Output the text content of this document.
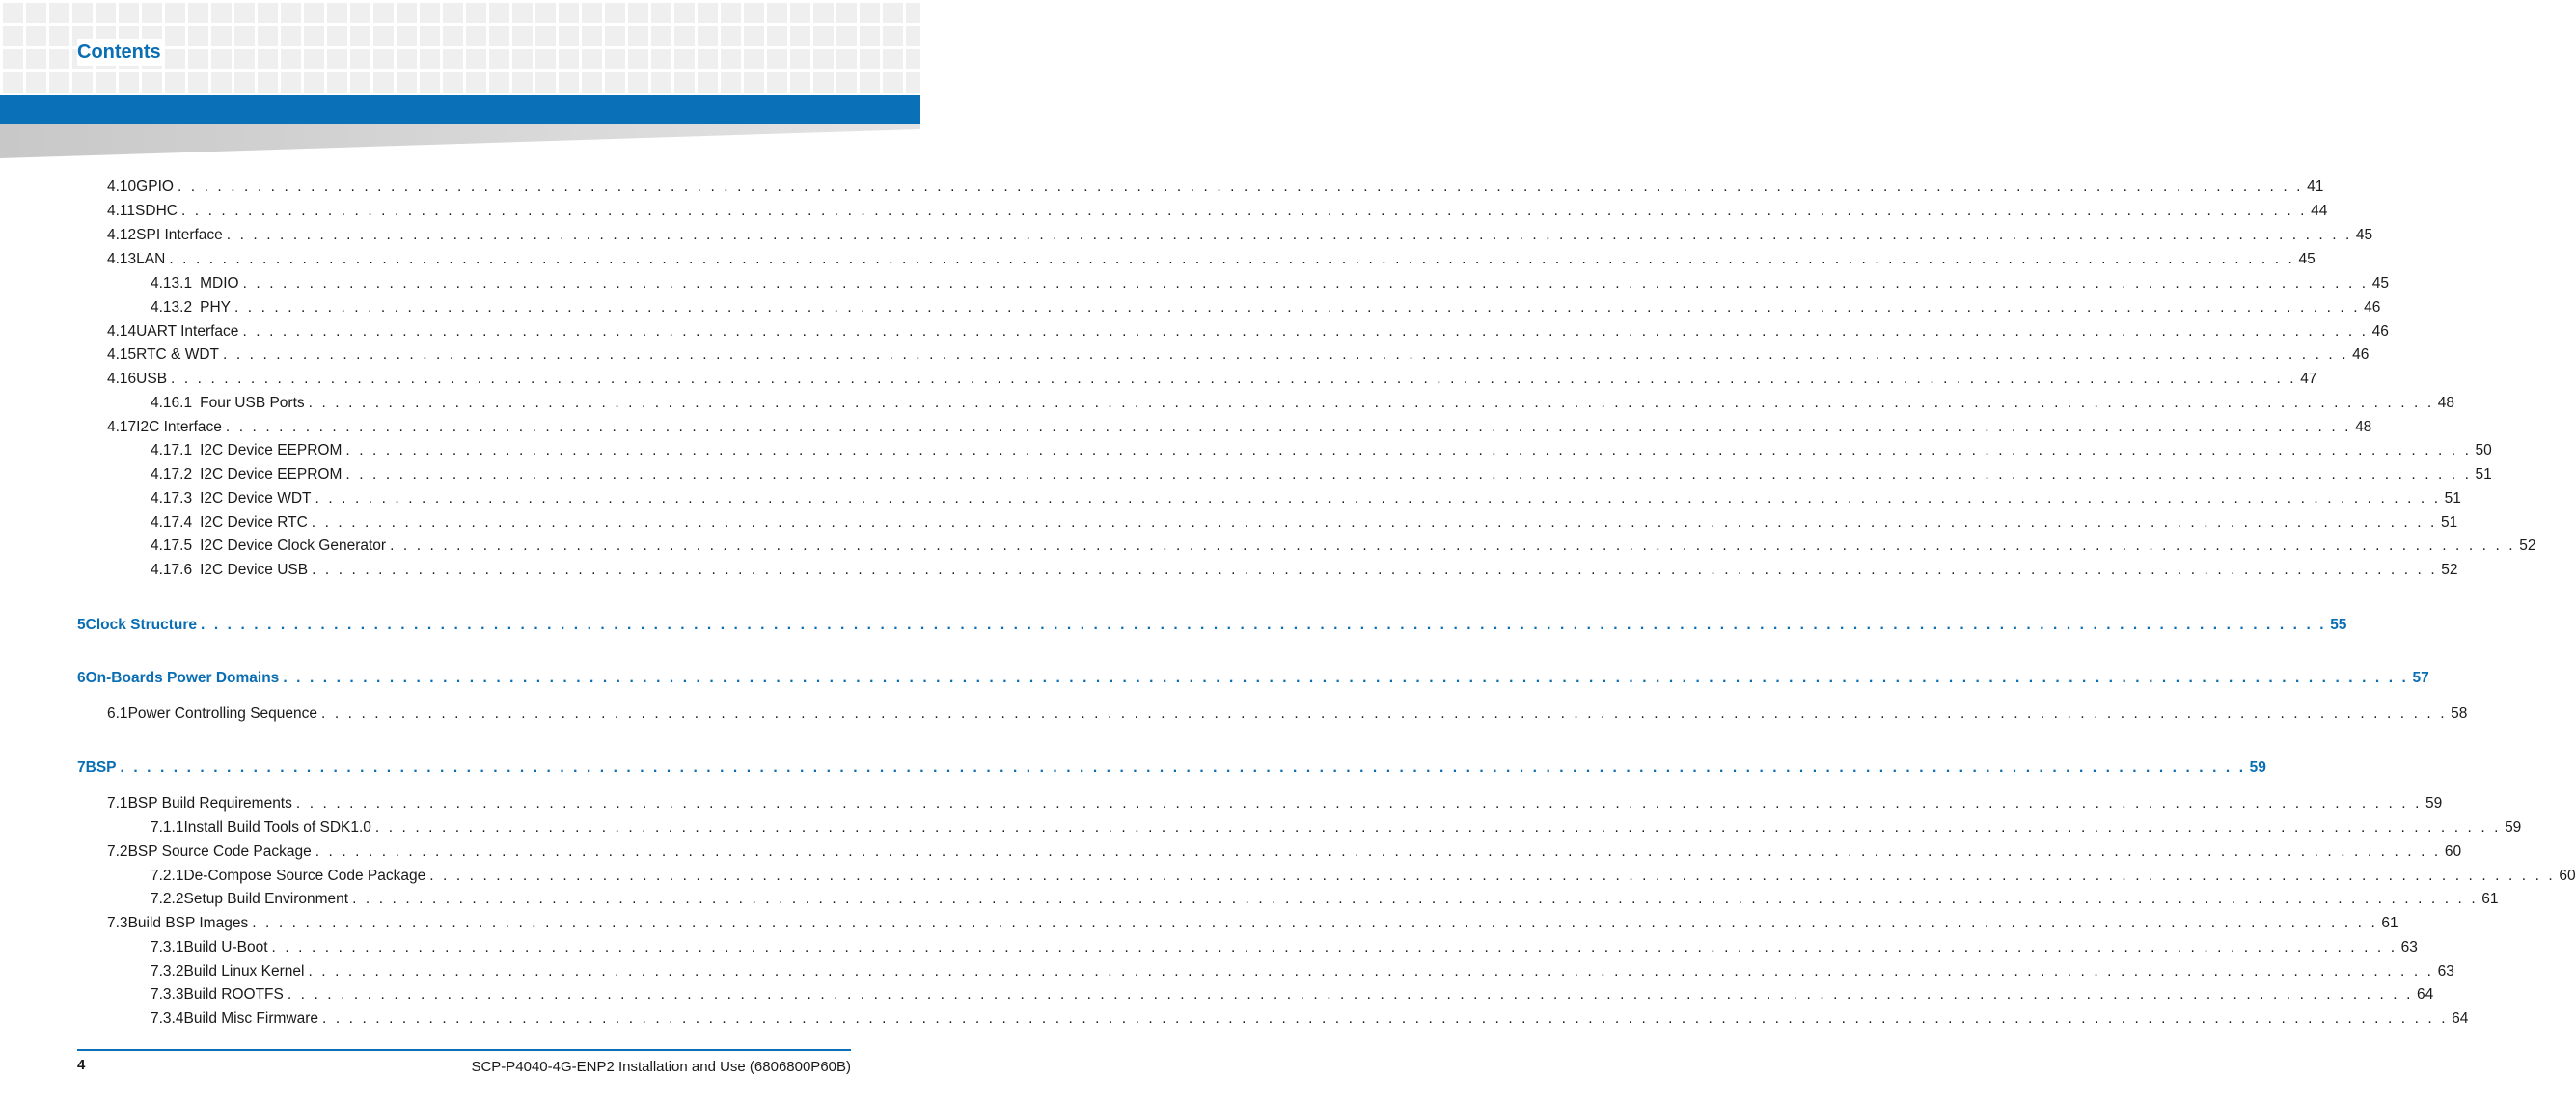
Contents
4.10 GPIO . . . . . . . . . . . . . . . . . . . . . . . . . . . . . . . . . . . . . . . . . . . . . . . . . . . . . . . . . . . . . . . . . . . . . . . . . . . . . . . . . . . . . . . . . . . . . . . . . . . . . . . . . . . . . . . . . . . . . . . . . . . . . . . . . . . . . . . . . . . . . . . . . . . . . . . . . . . . . . . . 41
4.11 SDHC . . . . . . . . . . . . . . . . . . . . . . . . . . . . . . . . . . . . . . . . . . . . . . . . . . . . . . . . . . . . . . . . . . . . . . . . . . . . . . . . . . . . . . . . . . . . . . . . . . . . . . . . . . . . . . . . . . . . . . . . . . . . . . . . . . . . . . . . . . . . . . . . . . . . . . . . . . . . . . . . 44
4.12 SPI Interface . . . . . . . . . . . . . . . . . . . . . . . . . . . . . . . . . . . . . . . . . . . . . . . . . . . . . . . . . . . . . . . . . . . . . . . . . . . . . . . . . . . . . . . . . . . . . . . . . . . . . . . . . . . . . . . . . . . . . . . . . . . . . . . . . . . . . . . . . . . . . . . . . . . . . . . . . . . . . . . . 45
4.13 LAN . . . . . . . . . . . . . . . . . . . . . . . . . . . . . . . . . . . . . . . . . . . . . . . . . . . . . . . . . . . . . . . . . . . . . . . . . . . . . . . . . . . . . . . . . . . . . . . . . . . . . . . . . . . . . . . . . . . . . . . . . . . . . . . . . . . . . . . . . . . . . . . . . . . . . . . . . . . . . . . . 45
4.13.1 MDIO . . . . . . . . . . . . . . . . . . . . . . . . . . . . . . . . . . . . . . . . . . . . . . . . . . . . . . . . . . . . . . . . . . . . . . . . . . . . . . . . . . . . . . . . . . . . . . . . . . . . . . . . . . . . . . . . . . . . . . . . . . . . . . . . . . . . . . . . . . . . . . . . . . . . . . . . . . . . . . . . 45
4.13.2 PHY . . . . . . . . . . . . . . . . . . . . . . . . . . . . . . . . . . . . . . . . . . . . . . . . . . . . . . . . . . . . . . . . . . . . . . . . . . . . . . . . . . . . . . . . . . . . . . . . . . . . . . . . . . . . . . . . . . . . . . . . . . . . . . . . . . . . . . . . . . . . . . . . . . . . . . . . . . . . . . . . 46
4.14 UART Interface . . . . . . . . . . . . . . . . . . . . . . . . . . . . . . . . . . . . . . . . . . . . . . . . . . . . . . . . . . . . . . . . . . . . . . . . . . . . . . . . . . . . . . . . . . . . . . . . . . . . . . . . . . . . . . . . . . . . . . . . . . . . . . . . . . . . . . . . . . . . . . . . . . . . . . . . . . . . . . . . 46
4.15 RTC & WDT . . . . . . . . . . . . . . . . . . . . . . . . . . . . . . . . . . . . . . . . . . . . . . . . . . . . . . . . . . . . . . . . . . . . . . . . . . . . . . . . . . . . . . . . . . . . . . . . . . . . . . . . . . . . . . . . . . . . . . . . . . . . . . . . . . . . . . . . . . . . . . . . . . . . . . . . . . . . . . . . 46
4.16 USB . . . . . . . . . . . . . . . . . . . . . . . . . . . . . . . . . . . . . . . . . . . . . . . . . . . . . . . . . . . . . . . . . . . . . . . . . . . . . . . . . . . . . . . . . . . . . . . . . . . . . . . . . . . . . . . . . . . . . . . . . . . . . . . . . . . . . . . . . . . . . . . . . . . . . . . . . . . . . . . . 47
4.16.1 Four USB Ports . . . . . . . . . . . . . . . . . . . . . . . . . . . . . . . . . . . . . . . . . . . . . . . . . . . . . . . . . . . . . . . . . . . . . . . . . . . . . . . . . . . . . . . . . . . . . . . . . . . . . . . . . . . . . . . . . . . . . . . . . . . . . . . . . . . . . . . . . . . . . . . . . . . . . . . . . . . . . . . . 48
4.17 I2C Interface . . . . . . . . . . . . . . . . . . . . . . . . . . . . . . . . . . . . . . . . . . . . . . . . . . . . . . . . . . . . . . . . . . . . . . . . . . . . . . . . . . . . . . . . . . . . . . . . . . . . . . . . . . . . . . . . . . . . . . . . . . . . . . . . . . . . . . . . . . . . . . . . . . . . . . . . . . . . . . . . 48
4.17.1 I2C Device EEPROM . . . . . . . . . . . . . . . . . . . . . . . . . . . . . . . . . . . . . . . . . . . . . . . . . . . . . . . . . . . . . . . . . . . . . . . . . . . . . . . . . . . . . . . . . . . . . . . . . . . . . . . . . . . . . . . . . . . . . . . . . . . . . . . . . . . . . . . . . . . . . . . . . . . . . . . . . . . . . . . . 50
4.17.2 I2C Device EEPROM . . . . . . . . . . . . . . . . . . . . . . . . . . . . . . . . . . . . . . . . . . . . . . . . . . . . . . . . . . . . . . . . . . . . . . . . . . . . . . . . . . . . . . . . . . . . . . . . . . . . . . . . . . . . . . . . . . . . . . . . . . . . . . . . . . . . . . . . . . . . . . . . . . . . . . . . . . . . . . . . 51
4.17.3 I2C Device WDT . . . . . . . . . . . . . . . . . . . . . . . . . . . . . . . . . . . . . . . . . . . . . . . . . . . . . . . . . . . . . . . . . . . . . . . . . . . . . . . . . . . . . . . . . . . . . . . . . . . . . . . . . . . . . . . . . . . . . . . . . . . . . . . . . . . . . . . . . . . . . . . . . . . . . . . . . . . . . . . . 51
4.17.4 I2C Device RTC . . . . . . . . . . . . . . . . . . . . . . . . . . . . . . . . . . . . . . . . . . . . . . . . . . . . . . . . . . . . . . . . . . . . . . . . . . . . . . . . . . . . . . . . . . . . . . . . . . . . . . . . . . . . . . . . . . . . . . . . . . . . . . . . . . . . . . . . . . . . . . . . . . . . . . . . . . . . . . . . 51
4.17.5 I2C Device Clock Generator . . . . . . . . . . . . . . . . . . . . . . . . . . . . . . . . . . . . . . . . . . . . . . . . . . . . . . . . . . . . . . . . . . . . . . . . . . . . . . . . . . . . . . . . . . . . . . . . . . . . . . . . . . . . . . . . . . . . . . . . . . . . . . . . . . . . . . . . . . . . . . . . . . . . . . . . . . . . . . . . 52
4.17.6 I2C Device USB . . . . . . . . . . . . . . . . . . . . . . . . . . . . . . . . . . . . . . . . . . . . . . . . . . . . . . . . . . . . . . . . . . . . . . . . . . . . . . . . . . . . . . . . . . . . . . . . . . . . . . . . . . . . . . . . . . . . . . . . . . . . . . . . . . . . . . . . . . . . . . . . . . . . . . . . . . . . . . . . 52
5 Clock Structure . . . . . . . . . . . . . . . . . . . . . . . . . . . . . . . . . . . . . . . . . . . . . . . . . . . . . . . . . . . . . . . . . . . . . . . . . . . . . . . . . . . . . . . . . . . . . . . . . . . . . . . . . . . . . . . . . . . . . . . . . . . . . . . . . . . . . . . . . . . . . . . . . . . . . . . . . . . . . . . . 55
6 On-Boards Power Domains . . . . . . . . . . . . . . . . . . . . . . . . . . . . . . . . . . . . . . . . . . . . . . . . . . . . . . . . . . . . . . . . . . . . . . . . . . . . . . . . . . . . . . . . . . . . . . . . . . . . . . . . . . . . . . . . . . . . . . . . . . . . . . . . . . . . . . . . . . . . . . . . . . . . . . . . . . . . . . . . 57
6.1 Power Controlling Sequence . . . . . . . . . . . . . . . . . . . . . . . . . . . . . . . . . . . . . . . . . . . . . . . . . . . . . . . . . . . . . . . . . . . . . . . . . . . . . . . . . . . . . . . . . . . . . . . . . . . . . . . . . . . . . . . . . . . . . . . . . . . . . . . . . . . . . . . . . . . . . . . . . . . . . . . . . . . . . . . . 58
7 BSP . . . . . . . . . . . . . . . . . . . . . . . . . . . . . . . . . . . . . . . . . . . . . . . . . . . . . . . . . . . . . . . . . . . . . . . . . . . . . . . . . . . . . . . . . . . . . . . . . . . . . . . . . . . . . . . . . . . . . . . . . . . . . . . . . . . . . . . . . . . . . . . . . . . . . . . . . . . . . . . . 59
7.1 BSP Build Requirements . . . . . . . . . . . . . . . . . . . . . . . . . . . . . . . . . . . . . . . . . . . . . . . . . . . . . . . . . . . . . . . . . . . . . . . . . . . . . . . . . . . . . . . . . . . . . . . . . . . . . . . . . . . . . . . . . . . . . . . . . . . . . . . . . . . . . . . . . . . . . . . . . . . . . . . . . . . . . . . . 59
7.1.1 Install Build Tools of SDK1.0 . . . . . . . . . . . . . . . . . . . . . . . . . . . . . . . . . . . . . . . . . . . . . . . . . . . . . . . . . . . . . . . . . . . . . . . . . . . . . . . . . . . . . . . . . . . . . . . . . . . . . . . . . . . . . . . . . . . . . . . . . . . . . . . . . . . . . . . . . . . . . . . . . . . . . . . . . . . . . . . . 59
7.2 BSP Source Code Package . . . . . . . . . . . . . . . . . . . . . . . . . . . . . . . . . . . . . . . . . . . . . . . . . . . . . . . . . . . . . . . . . . . . . . . . . . . . . . . . . . . . . . . . . . . . . . . . . . . . . . . . . . . . . . . . . . . . . . . . . . . . . . . . . . . . . . . . . . . . . . . . . . . . . . . . . . . . . . . . 60
7.2.1 De-Compose Source Code Package . . . . . . . . . . . . . . . . . . . . . . . . . . . . . . . . . . . . . . . . . . . . . . . . . . . . . . . . . . . . . . . . . . . . . . . . . . . . . . . . . . . . . . . . . . . . . . . . . . . . . . . . . . . . . . . . . . . . . . . . . . . . . . . . . . . . . . . . . . . . . . . . . . . . . . . . . . . . . . . . 60
7.2.2 Setup Build Environment . . . . . . . . . . . . . . . . . . . . . . . . . . . . . . . . . . . . . . . . . . . . . . . . . . . . . . . . . . . . . . . . . . . . . . . . . . . . . . . . . . . . . . . . . . . . . . . . . . . . . . . . . . . . . . . . . . . . . . . . . . . . . . . . . . . . . . . . . . . . . . . . . . . . . . . . . . . . . . . . 61
7.3 Build BSP Images . . . . . . . . . . . . . . . . . . . . . . . . . . . . . . . . . . . . . . . . . . . . . . . . . . . . . . . . . . . . . . . . . . . . . . . . . . . . . . . . . . . . . . . . . . . . . . . . . . . . . . . . . . . . . . . . . . . . . . . . . . . . . . . . . . . . . . . . . . . . . . . . . . . . . . . . . . . . . . . . 61
7.3.1 Build U-Boot . . . . . . . . . . . . . . . . . . . . . . . . . . . . . . . . . . . . . . . . . . . . . . . . . . . . . . . . . . . . . . . . . . . . . . . . . . . . . . . . . . . . . . . . . . . . . . . . . . . . . . . . . . . . . . . . . . . . . . . . . . . . . . . . . . . . . . . . . . . . . . . . . . . . . . . . . . . . . . . . 63
7.3.2 Build Linux Kernel . . . . . . . . . . . . . . . . . . . . . . . . . . . . . . . . . . . . . . . . . . . . . . . . . . . . . . . . . . . . . . . . . . . . . . . . . . . . . . . . . . . . . . . . . . . . . . . . . . . . . . . . . . . . . . . . . . . . . . . . . . . . . . . . . . . . . . . . . . . . . . . . . . . . . . . . . . . . . . . . 63
7.3.3 Build ROOTFS . . . . . . . . . . . . . . . . . . . . . . . . . . . . . . . . . . . . . . . . . . . . . . . . . . . . . . . . . . . . . . . . . . . . . . . . . . . . . . . . . . . . . . . . . . . . . . . . . . . . . . . . . . . . . . . . . . . . . . . . . . . . . . . . . . . . . . . . . . . . . . . . . . . . . . . . . . . . . . . . 64
7.3.4 Build Misc Firmware . . . . . . . . . . . . . . . . . . . . . . . . . . . . . . . . . . . . . . . . . . . . . . . . . . . . . . . . . . . . . . . . . . . . . . . . . . . . . . . . . . . . . . . . . . . . . . . . . . . . . . . . . . . . . . . . . . . . . . . . . . . . . . . . . . . . . . . . . . . . . . . . . . . . . . . . . . . . . . . . 64
4	SCP-P4040-4G-ENP2 Installation and Use (6806800P60B)
